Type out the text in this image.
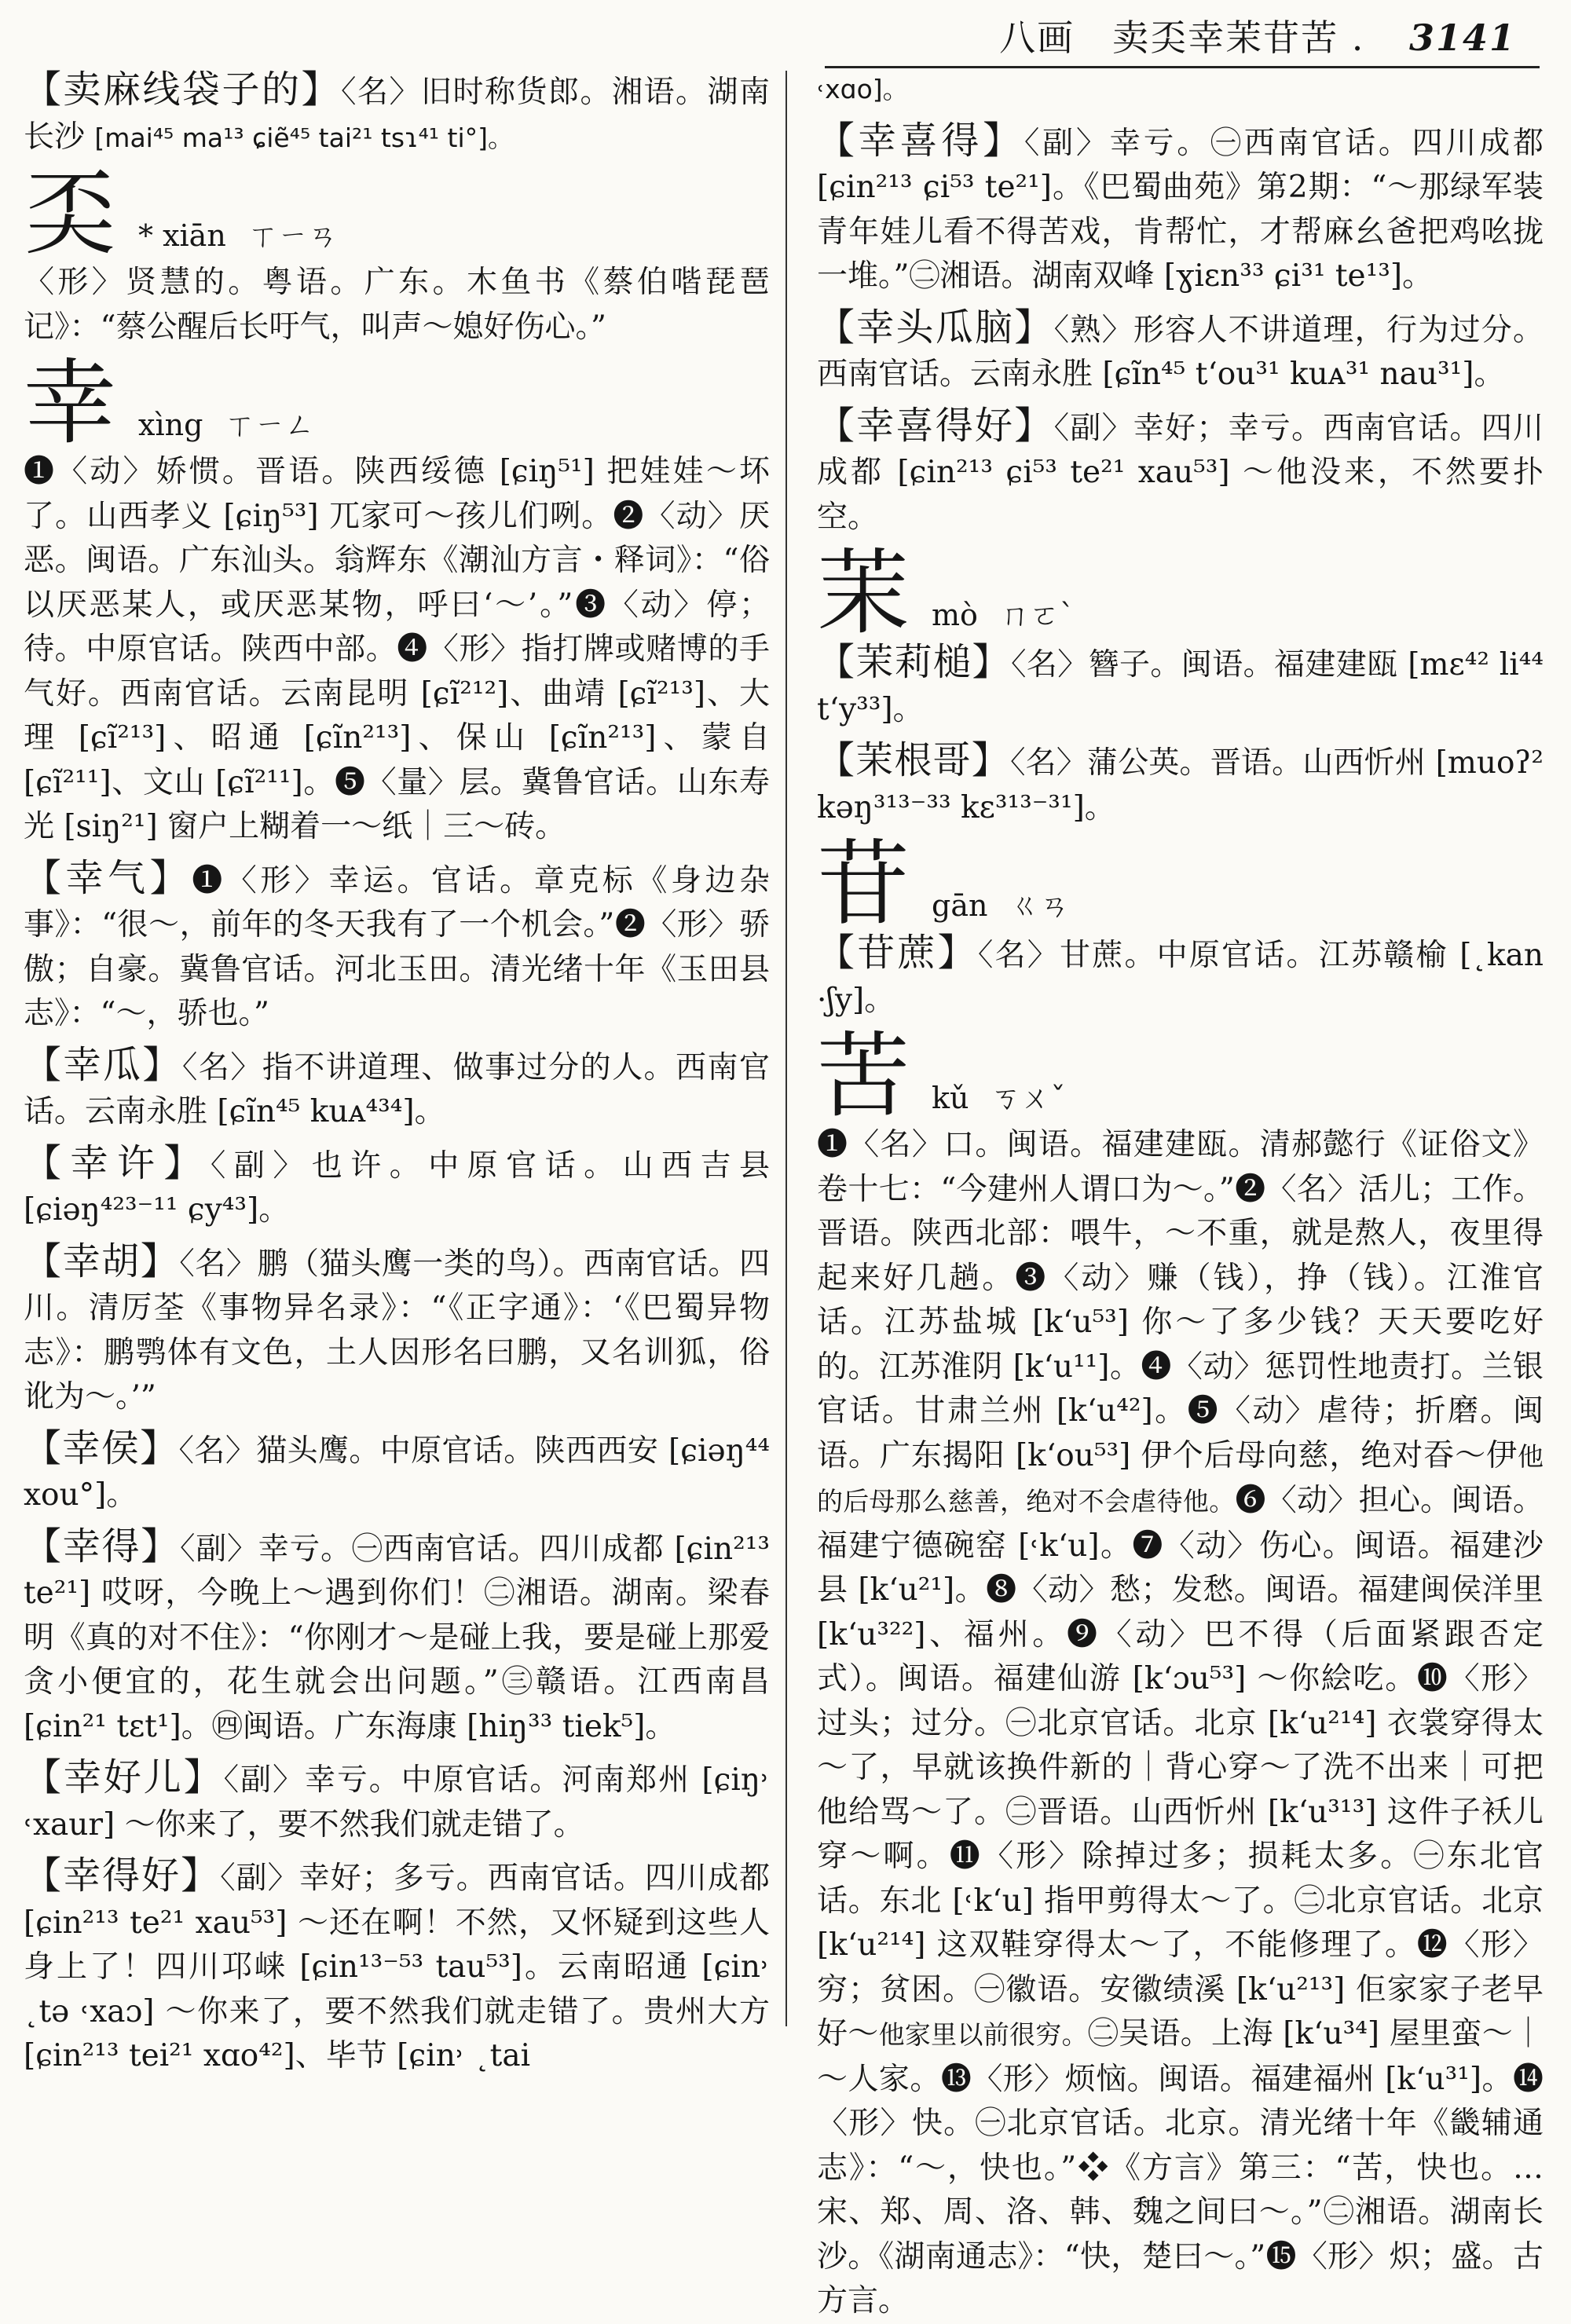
八画　卖奀幸茉苷苦 . 3141

【卖麻线袋子的】〈名〉旧时称货郎。湘语。湖南长沙 [mai⁴⁵ ma¹³ ɕiẽ⁴⁵ tai²¹ tsɿ⁴¹ ti°]。

奀 * xiān ㄒㄧㄢ

〈形〉贤慧的。粤语。广东。木鱼书《蔡伯喈琵琶记》：“蔡公醒后长吁气，叫声～媳好伤心。”

幸 xìng ㄒㄧㄥ

❶〈动〉娇惯。晋语。陕西绥德 [ɕiŋ⁵¹] 把娃娃～坏了。山西孝义 [ɕiŋ⁵³] 兀家可～孩儿们咧。❷〈动〉厌恶。闽语。广东汕头。翁辉东《潮汕方言・释词》：“俗以厌恶某人，或厌恶某物，呼曰‘～’。”❸〈动〉停；待。中原官话。陕西中部。❹〈形〉指打牌或赌博的手气好。西南官话。云南昆明 [ɕĩ²¹²]、曲靖 [ɕĩ²¹³]、大理 [ɕĩ²¹³]、昭通 [ɕĩn²¹³]、保山 [ɕĩn²¹³]、蒙自 [ɕĩ²¹¹]、文山 [ɕĩ²¹¹]。❺〈量〉层。冀鲁官话。山东寿光 [siŋ²¹] 窗户上糊着一～纸｜三～砖。

【幸气】❶〈形〉幸运。官话。章克标《身边杂事》：“很～，前年的冬天我有了一个机会。”❷〈形〉骄傲；自豪。冀鲁官话。河北玉田。清光绪十年《玉田县志》：“～，骄也。”

【幸瓜】〈名〉指不讲道理、做事过分的人。西南官话。云南永胜 [ɕĩn⁴⁵ kuᴀ⁴³⁴]。

【幸许】〈副〉也许。中原官话。山西吉县 [ɕiəŋ⁴²³⁻¹¹ ɕy⁴³]。

【幸胡】〈名〉鹏（猫头鹰一类的鸟）。西南官话。四川。清厉荃《事物异名录》：“《正字通》：‘《巴蜀异物志》：鹏鹗体有文色，土人因形名曰鹏，又名训狐，俗讹为～。’”

【幸侯】〈名〉猫头鹰。中原官话。陕西西安 [ɕiəŋ⁴⁴ xou°]。

【幸得】〈副〉幸亏。㊀西南官话。四川成都 [ɕin²¹³ te²¹] 哎呀，今晚上～遇到你们！㊁湘语。湖南。梁春明《真的对不住》：“你刚才～是碰上我，要是碰上那爱贪小便宜的，花生就会出问题。”㊂赣语。江西南昌 [ɕin²¹ tɛt¹]。㊃闽语。广东海康 [hiŋ³³ tiek⁵]。

【幸好儿】〈副〉幸亏。中原官话。河南郑州 [ɕiŋ˒ ˓xaur] ～你来了，要不然我们就走错了。

【幸得好】〈副〉幸好；多亏。西南官话。四川成都 [ɕin²¹³ te²¹ xau⁵³] ～还在啊！不然，又怀疑到这些人身上了！四川邛崃 [ɕin¹³⁻⁵³ tau⁵³]。云南昭通 [ɕin˒ ˛tə ˓xaɔ] ～你来了，要不然我们就走错了。贵州大方 [ɕin²¹³ tei²¹ xɑo⁴²]、毕节 [ɕin˒ ˛tai

˓xɑo]。

【幸喜得】〈副〉幸亏。㊀西南官话。四川成都 [ɕin²¹³ ɕi⁵³ te²¹]。《巴蜀曲苑》第2期：“～那绿军装青年娃儿看不得苦戏，肯帮忙，才帮麻幺爸把鸡吆拢一堆。”㊁湘语。湖南双峰 [ɣiɛn³³ ɕi³¹ te¹³]。

【幸头瓜脑】〈熟〉形容人不讲道理，行为过分。西南官话。云南永胜 [ɕĩn⁴⁵ t‘ou³¹ kuᴀ³¹ nau³¹]。

【幸喜得好】〈副〉幸好；幸亏。西南官话。四川成都 [ɕin²¹³ ɕi⁵³ te²¹ xau⁵³] ～他没来，不然要扑空。

茉 mò ㄇㄛˋ

【茉莉槌】〈名〉簪子。闽语。福建建瓯 [mɛ⁴² li⁴⁴ t‘y³³]。

【茉根哥】〈名〉蒲公英。晋语。山西忻州 [muoʔ² kəŋ³¹³⁻³³ kɛ³¹³⁻³¹]。

苷 gān ㄍㄢ

【苷蔗】〈名〉甘蔗。中原官话。江苏赣榆 [˛kan ·ʃy]。

苦 kǔ ㄎㄨˇ

❶〈名〉口。闽语。福建建瓯。清郝懿行《证俗文》卷十七：“今建州人谓口为～。”❷〈名〉活儿；工作。晋语。陕西北部：喂牛，～不重，就是熬人，夜里得起来好几趟。❸〈动〉赚（钱），挣（钱）。江淮官话。江苏盐城 [k‘u⁵³] 你～了多少钱？天天要吃好的。江苏淮阴 [k‘u¹¹]。❹〈动〉惩罚性地责打。兰银官话。甘肃兰州 [k‘u⁴²]。❺〈动〉虐待；折磨。闽语。广东揭阳 [k‘ou⁵³] 伊个后母向慈，绝对昋～伊他的后母那么慈善，绝对不会虐待他。❻〈动〉担心。闽语。福建宁德碗窑 [˓k‘u]。❼〈动〉伤心。闽语。福建沙县 [k‘u²¹]。❽〈动〉愁；发愁。闽语。福建闽侯洋里 [k‘u³²²]、福州。❾〈动〉巴不得（后面紧跟否定式）。闽语。福建仙游 [k‘ɔu⁵³] ～你絵吃。❿〈形〉过头；过分。㊀北京官话。北京 [k‘u²¹⁴] 衣裳穿得太～了，早就该换件新的｜背心穿～了洗不出来｜可把他给骂～了。㊁晋语。山西忻州 [k‘u³¹³] 这件子袄儿穿～啊。⓫〈形〉除掉过多；损耗太多。㊀东北官话。东北 [˓k‘u] 指甲剪得太～了。㊁北京官话。北京 [k‘u²¹⁴] 这双鞋穿得太～了，不能修理了。⓬〈形〉穷；贫困。㊀徽语。安徽绩溪 [k‘u²¹³] 佢家家子老早好～他家里以前很穷。㊁吴语。上海 [k‘u³⁴] 屋里蛮～｜～人家。⓭〈形〉烦恼。闽语。福建福州 [k‘u³¹]。⓮〈形〉快。㊀北京官话。北京。清光绪十年《畿辅通志》：“～，快也。”❖《方言》第三：“苦，快也。…宋、郑、周、洛、韩、魏之间曰～。”㊁湘语。湖南长沙。《湖南通志》：“快，楚曰～。”⓯〈形〉炽；盛。古方言。
